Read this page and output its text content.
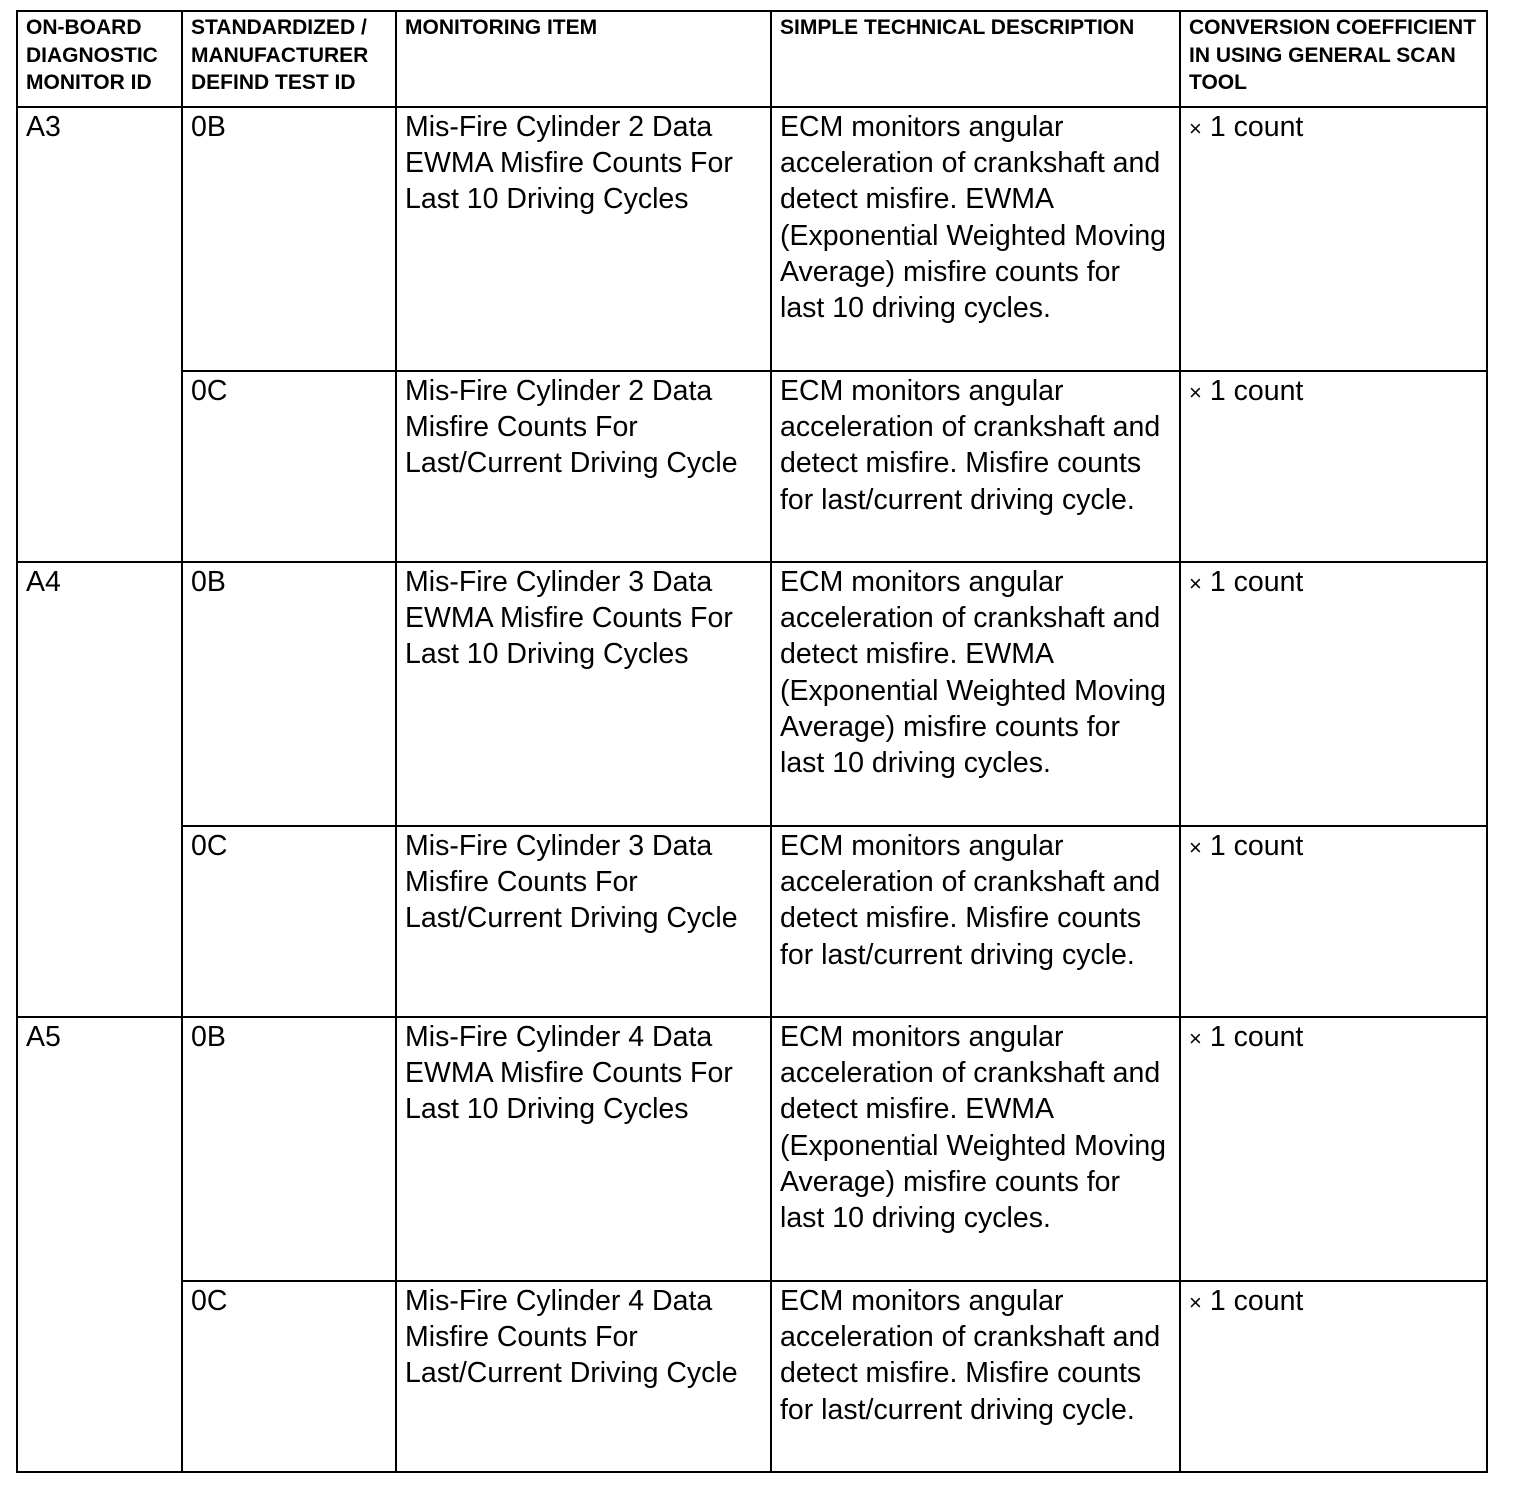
ON-BOARD DIAGNOSTIC MONITOR ID	STANDARDIZED / MANUFACTURER DEFIND TEST ID	MONITORING ITEM	SIMPLE TECHNICAL DESCRIPTION	CONVERSION COEFFICIENT IN USING GENERAL SCAN TOOL
A3	0B	Mis-Fire Cylinder 2 Data EWMA Misfire Counts For Last 10 Driving Cycles	ECM monitors angular acceleration of crankshaft and detect misfire. EWMA (Exponential Weighted Moving Average) misfire counts for last 10 driving cycles.	× 1 count
	0C	Mis-Fire Cylinder 2 Data Misfire Counts For Last/Current Driving Cycle	ECM monitors angular acceleration of crankshaft and detect misfire. Misfire counts for last/current driving cycle.	× 1 count
A4	0B	Mis-Fire Cylinder 3 Data EWMA Misfire Counts For Last 10 Driving Cycles	ECM monitors angular acceleration of crankshaft and detect misfire. EWMA (Exponential Weighted Moving Average) misfire counts for last 10 driving cycles.	× 1 count
	0C	Mis-Fire Cylinder 3 Data Misfire Counts For Last/Current Driving Cycle	ECM monitors angular acceleration of crankshaft and detect misfire. Misfire counts for last/current driving cycle.	× 1 count
A5	0B	Mis-Fire Cylinder 4 Data EWMA Misfire Counts For Last 10 Driving Cycles	ECM monitors angular acceleration of crankshaft and detect misfire. EWMA (Exponential Weighted Moving Average) misfire counts for last 10 driving cycles.	× 1 count
	0C	Mis-Fire Cylinder 4 Data Misfire Counts For Last/Current Driving Cycle	ECM monitors angular acceleration of crankshaft and detect misfire. Misfire counts for last/current driving cycle.	× 1 count
